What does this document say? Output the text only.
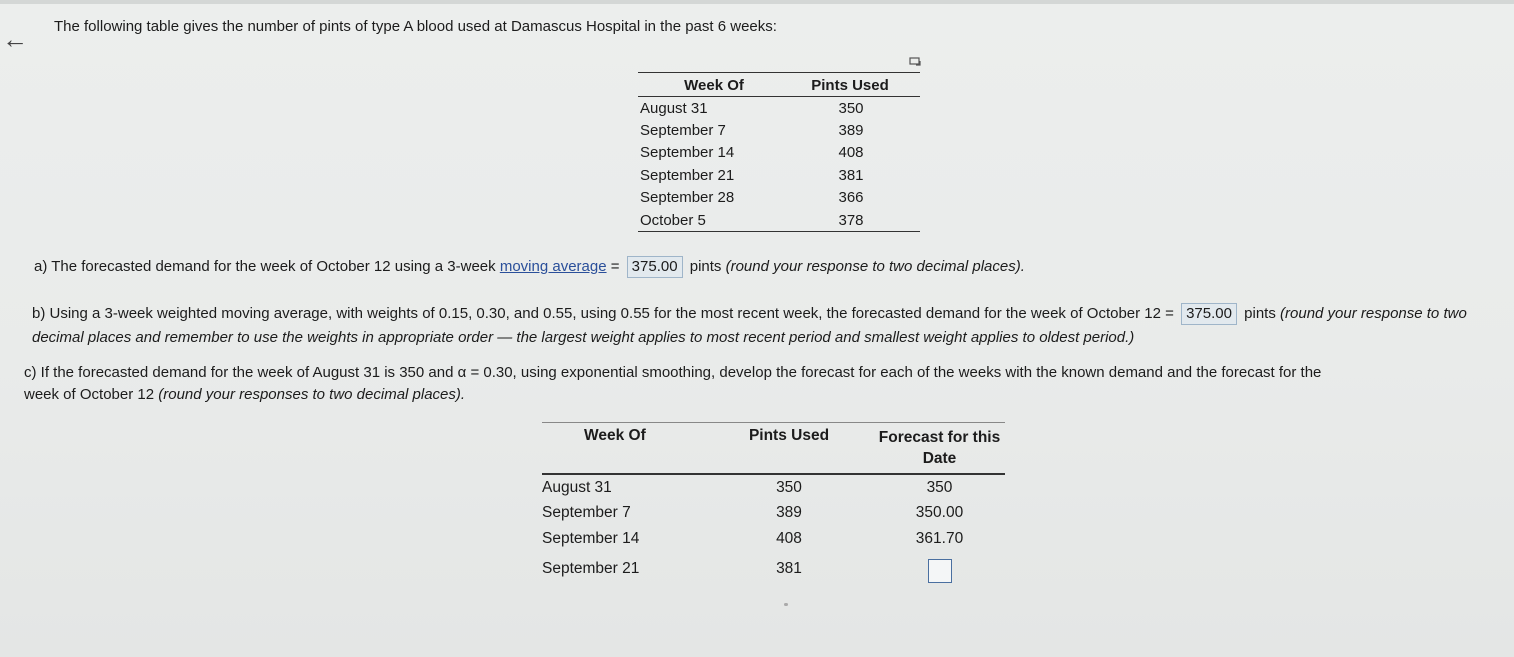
← The following table gives the number of pints of type A blood used at Damascus Hospital in the past 6 weeks:
Week Of	Pints Used
August 31	350
September 7	389
September 14	408
September 21	381
September 28	366
October 5	378
a) The forecasted demand for the week of October 12 using a 3-week moving average = 375.00 pints (round your response to two decimal places).
b) Using a 3-week weighted moving average, with weights of 0.15, 0.30, and 0.55, using 0.55 for the most recent week, the forecasted demand for the week of October 12 = 375.00 pints (round your response to two decimal places and remember to use the weights in appropriate order — the largest weight applies to most recent period and smallest weight applies to oldest period.)
c) If the forecasted demand for the week of August 31 is 350 and α = 0.30, using exponential smoothing, develop the forecast for each of the weeks with the known demand and the forecast for the
week of October 12 (round your responses to two decimal places).
Week Of	Pints Used	Forecast for this Date
August 31	350	350
September 7	389	350.00
September 14	408	361.70
September 21	381	
